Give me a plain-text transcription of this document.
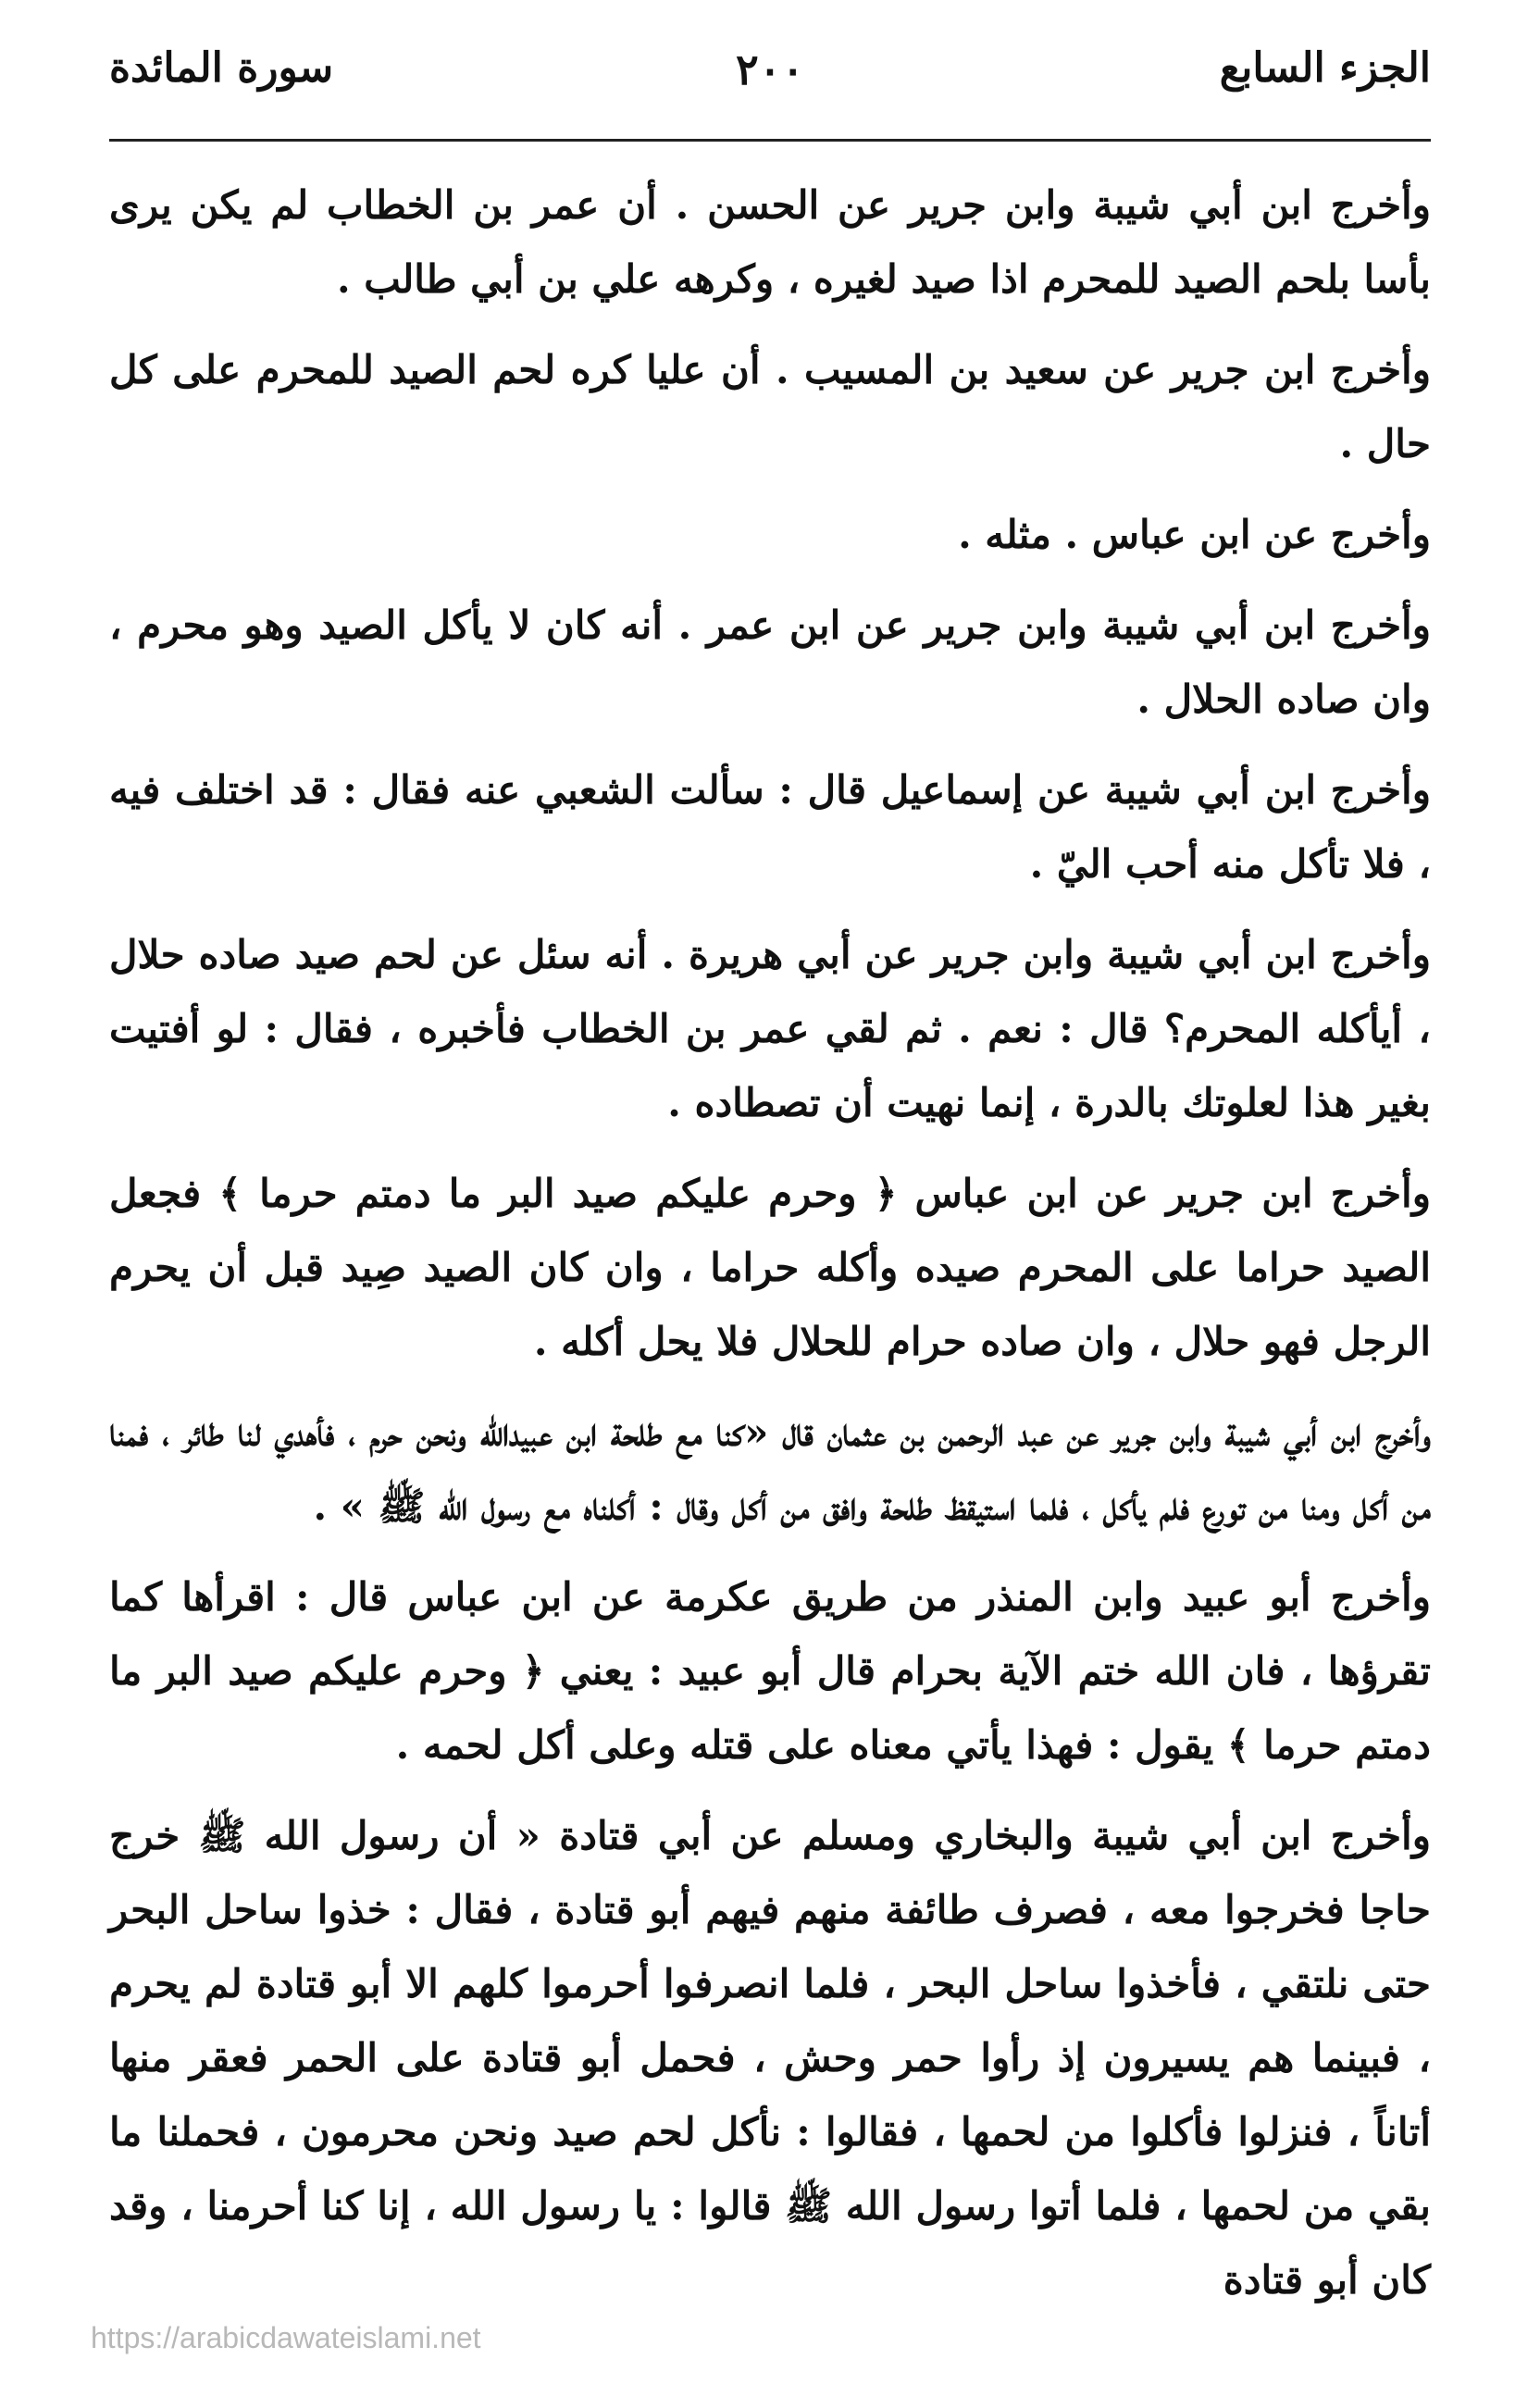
الجزء السابع
٢٠٠
سورة المائدة

وأخرج ابن أبي شيبة وابن جرير عن الحسن . أن عمر بن الخطاب لم يكن يرى بأسا بلحم الصيد للمحرم اذا صيد لغيره ، وكرهه علي بن أبي طالب .

وأخرج ابن جرير عن سعيد بن المسيب . أن عليا كره لحم الصيد للمحرم على كل حال .

وأخرج عن ابن عباس . مثله .

وأخرج ابن أبي شيبة وابن جرير عن ابن عمر . أنه كان لا يأكل الصيد وهو محرم ، وان صاده الحلال .

وأخرج ابن أبي شيبة عن إسماعيل قال : سألت الشعبي عنه فقال : قد اختلف فيه ، فلا تأكل منه أحب اليّ .

وأخرج ابن أبي شيبة وابن جرير عن أبي هريرة . أنه سئل عن لحم صيد صاده حلال ، أيأكله المحرم؟ قال : نعم . ثم لقي عمر بن الخطاب فأخبره ، فقال : لو أفتيت بغير هذا لعلوتك بالدرة ، إنما نهيت أن تصطاده .

وأخرج ابن جرير عن ابن عباس ﴿ وحرم عليكم صيد البر ما دمتم حرما ﴾ فجعل الصيد حراما على المحرم صيده وأكله حراما ، وان كان الصيد صِيد قبل أن يحرم الرجل فهو حلال ، وان صاده حرام للحلال فلا يحل أكله .

وأخرج ابن أبي شيبة وابن جرير عن عبد الرحمن بن عثمان قال «كنا مع طلحة ابن عبيدالله ونحن حرم ، فأهدي لنا طائر ، فمنا من أكل ومنا من تورع فلم يأكل ، فلما استيقظ طلحة وافق من أكل وقال : أكلناه مع رسول الله ﷺ » .

وأخرج أبو عبيد وابن المنذر من طريق عكرمة عن ابن عباس قال : اقرأها كما تقرؤها ، فان الله ختم الآية بحرام قال أبو عبيد : يعني ﴿ وحرم عليكم صيد البر ما دمتم حرما ﴾ يقول : فهذا يأتي معناه على قتله وعلى أكل لحمه .

وأخرج ابن أبي شيبة والبخاري ومسلم عن أبي قتادة « أن رسول الله ﷺ خرج حاجا فخرجوا معه ، فصرف طائفة منهم فيهم أبو قتادة ، فقال : خذوا ساحل البحر حتى نلتقي ، فأخذوا ساحل البحر ، فلما انصرفوا أحرموا كلهم الا أبو قتادة لم يحرم ، فبينما هم يسيرون إذ رأوا حمر وحش ، فحمل أبو قتادة على الحمر فعقر منها أتاناً ، فنزلوا فأكلوا من لحمها ، فقالوا : نأكل لحم صيد ونحن محرمون ، فحملنا ما بقي من لحمها ، فلما أتوا رسول الله ﷺ قالوا : يا رسول الله ، إنا كنا أحرمنا ، وقد كان أبو قتادة

https://arabicdawateislami.net
